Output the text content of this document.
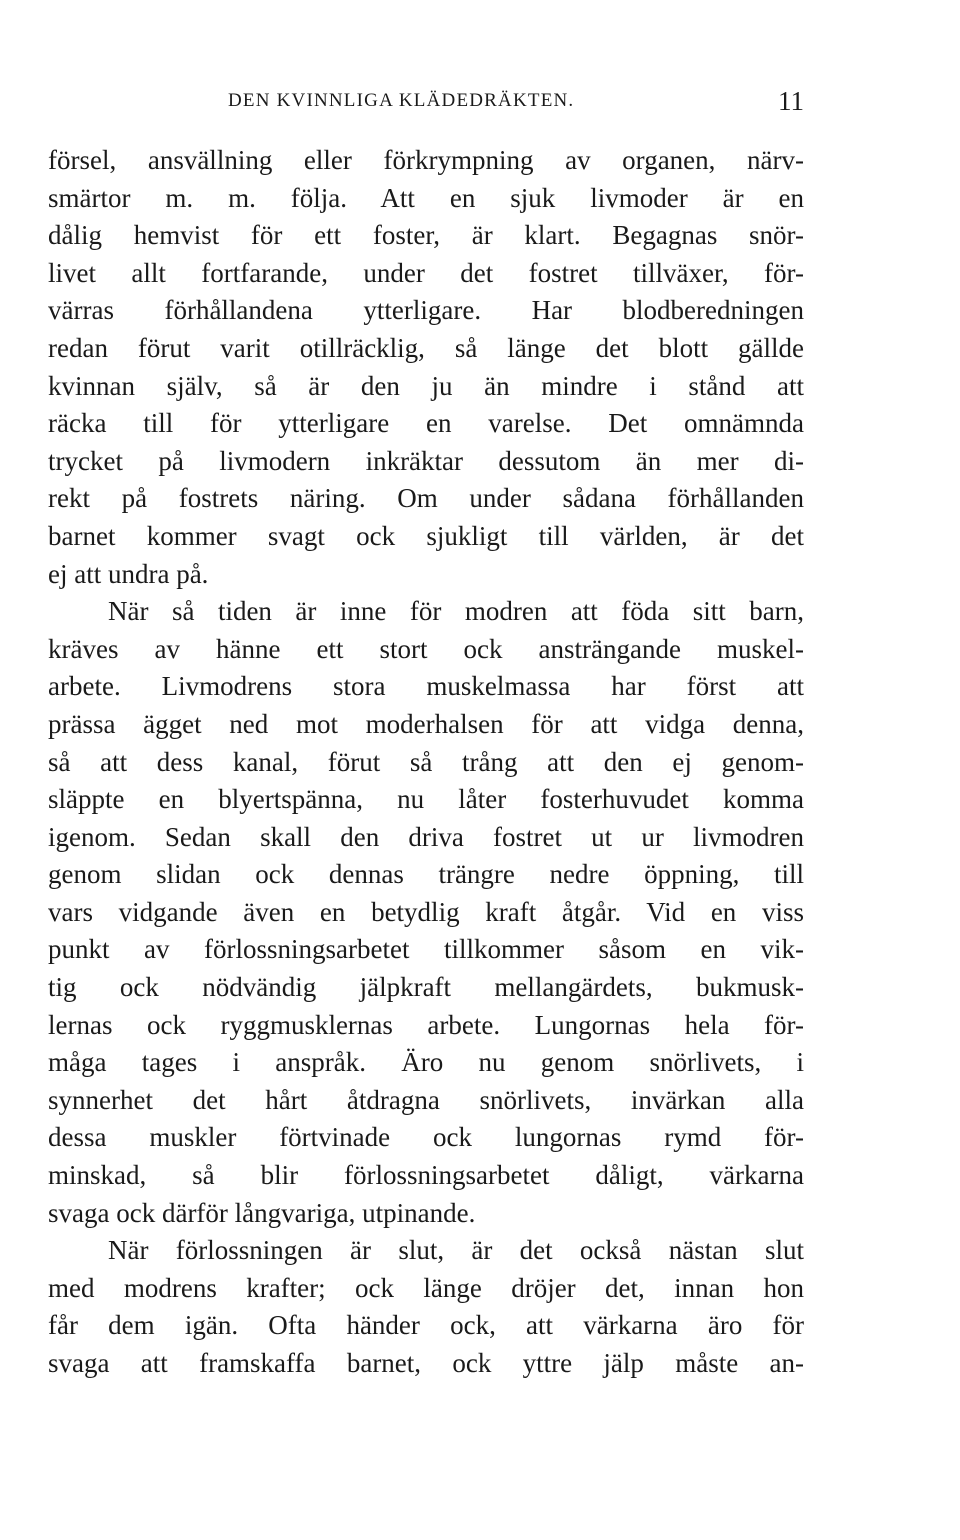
DEN KVINNLIGA KLÄDEDRÄKTEN.	11
försel, ansvällning eller förkrympning av organen, närv-
smärtor m. m. följa. Att en sjuk livmoder är en
dålig hemvist för ett foster, är klart. Begagnas snör-
livet allt fortfarande, under det fostret tillväxer, för-
värras förhållandena ytterligare. Har blodberedningen
redan förut varit otillräcklig, så länge det blott gällde
kvinnan själv, så är den ju än mindre i stånd att
räcka till för ytterligare en varelse. Det omnämnda
trycket på livmodern inkräktar dessutom än mer di-
rekt på fostrets näring. Om under sådana förhållanden
barnet kommer svagt ock sjukligt till världen, är det
ej att undra på.
När så tiden är inne för modren att föda sitt barn,
kräves av hänne ett stort ock ansträngande muskel-
arbete. Livmodrens stora muskelmassa har först att
prässa ägget ned mot moderhalsen för att vidga denna,
så att dess kanal, förut så trång att den ej genom-
släppte en blyertspänna, nu låter fosterhuvudet komma
igenom. Sedan skall den driva fostret ut ur livmodren
genom slidan ock dennas trängre nedre öppning, till
vars vidgande även en betydlig kraft åtgår. Vid en viss
punkt av förlossningsarbetet tillkommer såsom en vik-
tig ock nödvändig jälpkraft mellangärdets, bukmusk-
lernas ock ryggmusklernas arbete. Lungornas hela för-
måga tages i anspråk. Äro nu genom snörlivets, i
synnerhet det hårt åtdragna snörlivets, invärkan alla
dessa muskler förtvinade ock lungornas rymd för-
minskad, så blir förlossningsarbetet dåligt, värkarna
svaga ock därför långvariga, utpinande.
När förlossningen är slut, är det också nästan slut
med modrens krafter; ock länge dröjer det, innan hon
får dem igän. Ofta händer ock, att värkarna äro för
svaga att framskaffa barnet, ock yttre jälp måste an-
